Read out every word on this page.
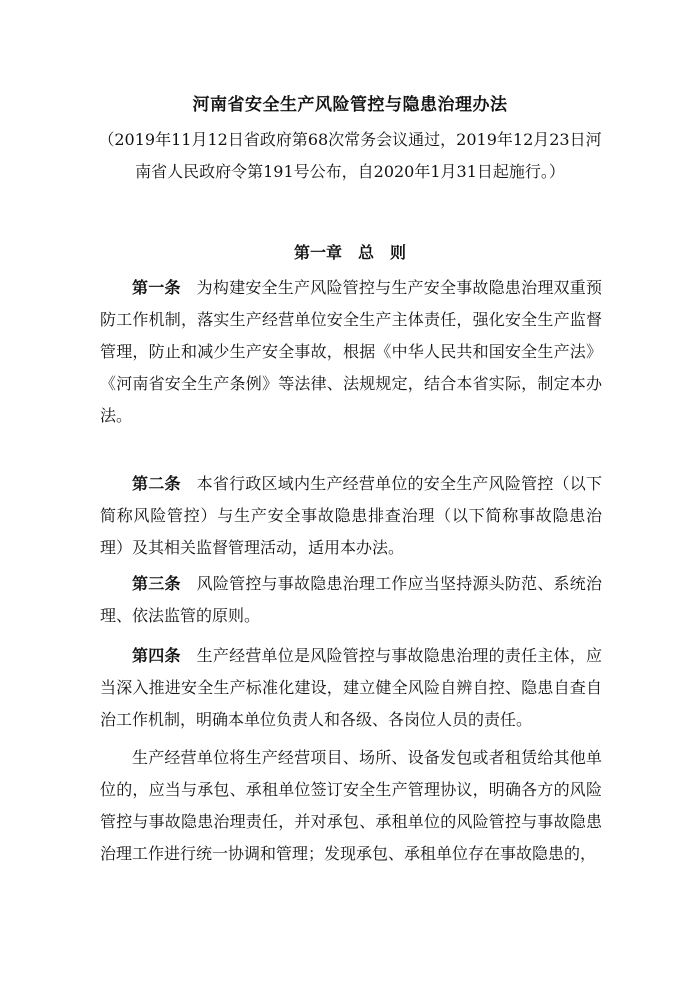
河南省安全生产风险管控与隐患治理办法
（2019年11月12日省政府第68次常务会议通过，2019年12月23日河南省人民政府令第191号公布，自2020年1月31日起施行。）
第一章　总　则
第一条 为构建安全生产风险管控与生产安全事故隐患治理双重预防工作机制，落实生产经营单位安全生产主体责任，强化安全生产监督管理，防止和减少生产安全事故，根据《中华人民共和国安全生产法》《河南省安全生产条例》等法律、法规规定，结合本省实际，制定本办法。
第二条 本省行政区域内生产经营单位的安全生产风险管控（以下简称风险管控）与生产安全事故隐患排查治理（以下简称事故隐患治理）及其相关监督管理活动，适用本办法。
第三条 风险管控与事故隐患治理工作应当坚持源头防范、系统治理、依法监管的原则。
第四条 生产经营单位是风险管控与事故隐患治理的责任主体，应当深入推进安全生产标准化建设，建立健全风险自辨自控、隐患自查自治工作机制，明确本单位负责人和各级、各岗位人员的责任。
生产经营单位将生产经营项目、场所、设备发包或者租赁给其他单位的，应当与承包、承租单位签订安全生产管理协议，明确各方的风险管控与事故隐患治理责任，并对承包、承租单位的风险管控与事故隐患治理工作进行统一协调和管理；发现承包、承租单位存在事故隐患的，
